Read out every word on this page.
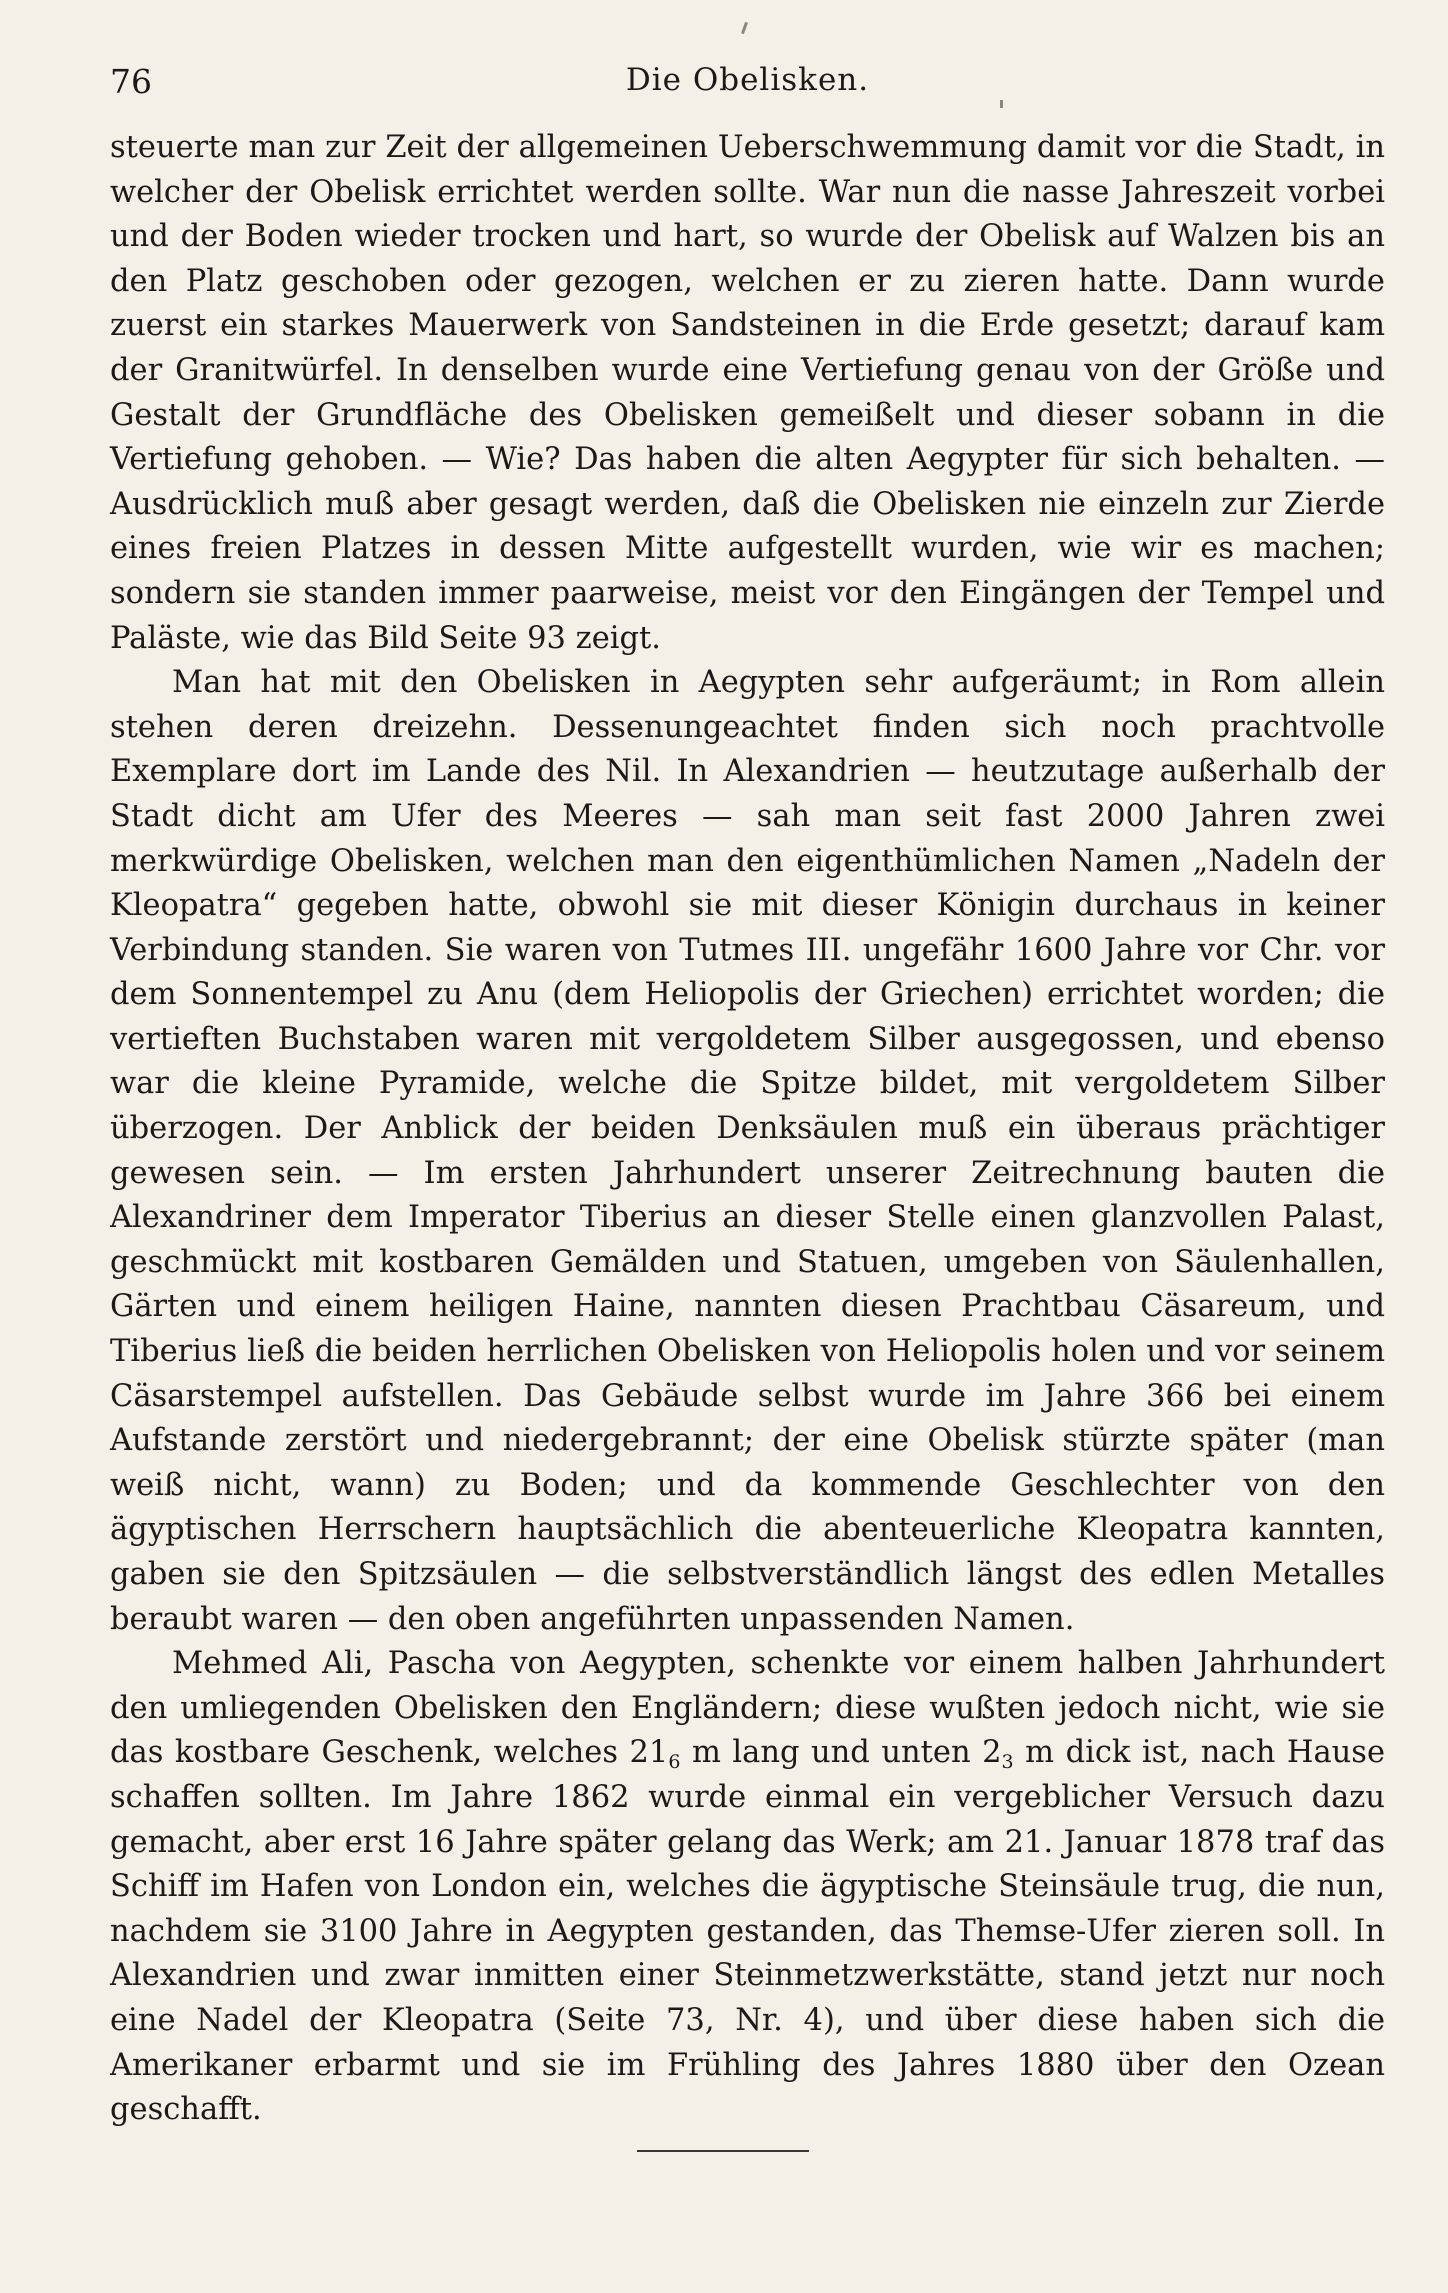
76	Die Obelisken.

steuerte man zur Zeit der allgemeinen Ueberschwemmung damit vor die Stadt, in welcher der Obelisk errichtet werden sollte. War nun die nasse Jahreszeit vorbei und der Boden wieder trocken und hart, so wurde der Obelisk auf Walzen bis an den Platz geschoben oder gezogen, welchen er zu zieren hatte. Dann wurde zuerst ein starkes Mauerwerk von Sandsteinen in die Erde gesetzt; darauf kam der Granitwürfel. In denselben wurde eine Vertiefung genau von der Größe und Gestalt der Grundfläche des Obelisken gemeißelt und dieser sobann in die Vertiefung gehoben. — Wie? Das haben die alten Aegypter für sich behalten. — Ausdrücklich muß aber gesagt werden, daß die Obelisken nie einzeln zur Zierde eines freien Platzes in dessen Mitte aufgestellt wurden, wie wir es machen; sondern sie standen immer paarweise, meist vor den Eingängen der Tempel und Paläste, wie das Bild Seite 93 zeigt.

Man hat mit den Obelisken in Aegypten sehr aufgeräumt; in Rom allein stehen deren dreizehn. Dessenungeachtet finden sich noch prachtvolle Exemplare dort im Lande des Nil. In Alexandrien — heutzutage außerhalb der Stadt dicht am Ufer des Meeres — sah man seit fast 2000 Jahren zwei merkwürdige Obelisken, welchen man den eigenthümlichen Namen „Nadeln der Kleopatra“ gegeben hatte, obwohl sie mit dieser Königin durchaus in keiner Verbindung standen. Sie waren von Tutmes III. ungefähr 1600 Jahre vor Chr. vor dem Sonnentempel zu Anu (dem Heliopolis der Griechen) errichtet worden; die vertieften Buchstaben waren mit vergoldetem Silber ausgegossen, und ebenso war die kleine Pyramide, welche die Spitze bildet, mit vergoldetem Silber überzogen. Der Anblick der beiden Denksäulen muß ein überaus prächtiger gewesen sein. — Im ersten Jahrhundert unserer Zeitrechnung bauten die Alexandriner dem Imperator Tiberius an dieser Stelle einen glanzvollen Palast, geschmückt mit kostbaren Gemälden und Statuen, umgeben von Säulenhallen, Gärten und einem heiligen Haine, nannten diesen Prachtbau Cäsareum, und Tiberius ließ die beiden herrlichen Obelisken von Heliopolis holen und vor seinem Cäsarstempel aufstellen. Das Gebäude selbst wurde im Jahre 366 bei einem Aufstande zerstört und niedergebrannt; der eine Obelisk stürzte später (man weiß nicht, wann) zu Boden; und da kommende Geschlechter von den ägyptischen Herrschern hauptsächlich die abenteuerliche Kleopatra kannten, gaben sie den Spitzsäulen — die selbstverständlich längst des edlen Metalles beraubt waren — den oben angeführten unpassenden Namen.

Mehmed Ali, Pascha von Aegypten, schenkte vor einem halben Jahrhundert den umliegenden Obelisken den Engländern; diese wußten jedoch nicht, wie sie das kostbare Geschenk, welches $21_6$ m lang und unten $2_3$ m dick ist, nach Hause schaffen sollten. Im Jahre 1862 wurde einmal ein vergeblicher Versuch dazu gemacht, aber erst 16 Jahre später gelang das Werk; am 21. Januar 1878 traf das Schiff im Hafen von London ein, welches die ägyptische Steinsäule trug, die nun, nachdem sie 3100 Jahre in Aegypten gestanden, das Themse-Ufer zieren soll. In Alexandrien und zwar inmitten einer Steinmetzwerkstätte, stand jetzt nur noch eine Nadel der Kleopatra (Seite 73, Nr. 4), und über diese haben sich die Amerikaner erbarmt und sie im Frühling des Jahres 1880 über den Ozean geschafft.
